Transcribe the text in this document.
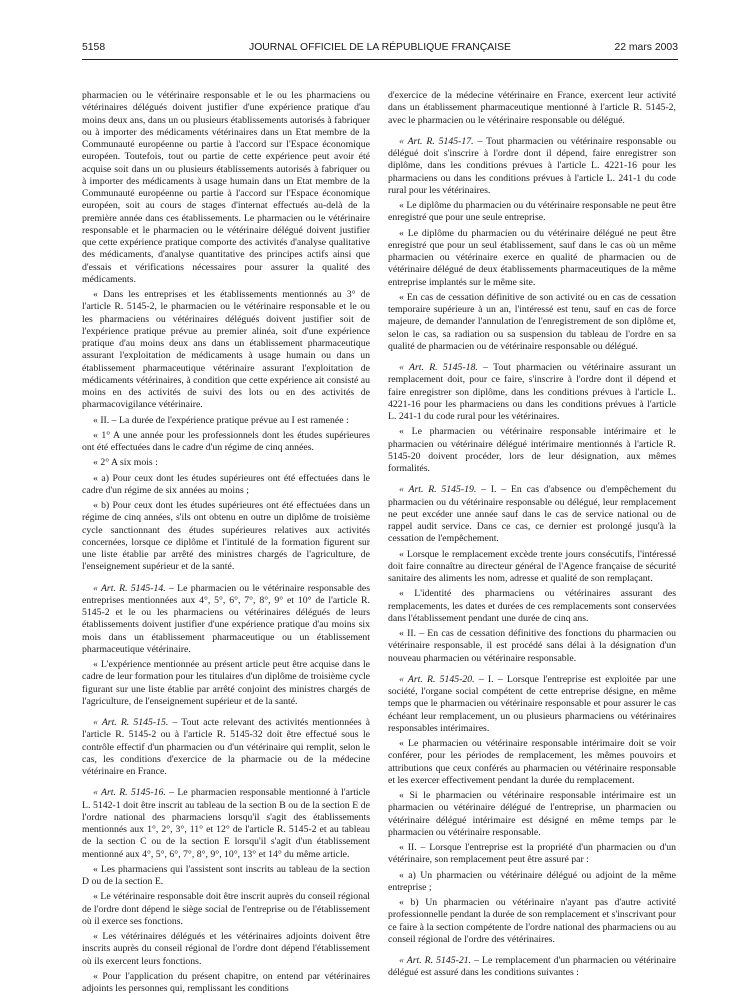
5158	JOURNAL OFFICIEL DE LA RÉPUBLIQUE FRANÇAISE	22 mars 2003

pharmacien ou le vétérinaire responsable et le ou les pharmaciens ou vétérinaires délégués doivent justifier d'une expérience pratique d'au moins deux ans, dans un ou plusieurs établissements autorisés à fabriquer ou à importer des médicaments vétérinaires dans un Etat membre de la Communauté européenne ou partie à l'accord sur l'Espace économique européen. Toutefois, tout ou partie de cette expérience peut avoir été acquise soit dans un ou plusieurs établissements autorisés à fabriquer ou à importer des médicaments à usage humain dans un Etat membre de la Communauté européenne ou partie à l'accord sur l'Espace économique européen, soit au cours de stages d'internat effectués au-delà de la première année dans ces établissements. Le pharmacien ou le vétérinaire responsable et le pharmacien ou le vétérinaire délégué doivent justifier que cette expérience pratique comporte des activités d'analyse qualitative des médicaments, d'analyse quantitative des principes actifs ainsi que d'essais et vérifications nécessaires pour assurer la qualité des médicaments.

« Dans les entreprises et les établissements mentionnés au 3° de l'article R. 5145-2, le pharmacien ou le vétérinaire responsable et le ou les pharmaciens ou vétérinaires délégués doivent justifier soit de l'expérience pratique prévue au premier alinéa, soit d'une expérience pratique d'au moins deux ans dans un établissement pharmaceutique assurant l'exploitation de médicaments à usage humain ou dans un établissement pharmaceutique vétérinaire assurant l'exploitation de médicaments vétérinaires, à condition que cette expérience ait consisté au moins en des activités de suivi des lots ou en des activités de pharmacovigilance vétérinaire.

« II. – La durée de l'expérience pratique prévue au I est ramenée :

« 1° A une année pour les professionnels dont les études supérieures ont été effectuées dans le cadre d'un régime de cinq années.

« 2° A six mois :

« a) Pour ceux dont les études supérieures ont été effectuées dans le cadre d'un régime de six années au moins ;

« b) Pour ceux dont les études supérieures ont été effectuées dans un régime de cinq années, s'ils ont obtenu en outre un diplôme de troisième cycle sanctionnant des études supérieures relatives aux activités concernées, lorsque ce diplôme et l'intitulé de la formation figurent sur une liste établie par arrêté des ministres chargés de l'agriculture, de l'enseignement supérieur et de la santé.

« Art. R. 5145-14. – Le pharmacien ou le vétérinaire responsable des entreprises mentionnées aux 4°, 5°, 6°, 7°, 8°, 9° et 10° de l'article R. 5145-2 et le ou les pharmaciens ou vétérinaires délégués de leurs établissements doivent justifier d'une expérience pratique d'au moins six mois dans un établissement pharmaceutique ou un établissement pharmaceutique vétérinaire.

« L'expérience mentionnée au présent article peut être acquise dans le cadre de leur formation pour les titulaires d'un diplôme de troisième cycle figurant sur une liste établie par arrêté conjoint des ministres chargés de l'agriculture, de l'enseignement supérieur et de la santé.

« Art. R. 5145-15. – Tout acte relevant des activités mentionnées à l'article R. 5145-2 ou à l'article R. 5145-32 doit être effectué sous le contrôle effectif d'un pharmacien ou d'un vétérinaire qui remplit, selon le cas, les conditions d'exercice de la pharmacie ou de la médecine vétérinaire en France.

« Art. R. 5145-16. – Le pharmacien responsable mentionné à l'article L. 5142-1 doit être inscrit au tableau de la section B ou de la section E de l'ordre national des pharmaciens lorsqu'il s'agit des établissements mentionnés aux 1°, 2°, 3°, 11° et 12° de l'article R. 5145-2 et au tableau de la section C ou de la section E lorsqu'il s'agit d'un établissement mentionné aux 4°, 5°, 6°, 7°, 8°, 9°, 10°, 13° et 14° du même article.

« Les pharmaciens qui l'assistent sont inscrits au tableau de la section D ou de la section E.

« Le vétérinaire responsable doit être inscrit auprès du conseil régional de l'ordre dont dépend le siège social de l'entreprise ou de l'établissement où il exerce ses fonctions.

« Les vétérinaires délégués et les vétérinaires adjoints doivent être inscrits auprès du conseil régional de l'ordre dont dépend l'établissement où ils exercent leurs fonctions.

« Pour l'application du présent chapitre, on entend par vétérinaires adjoints les personnes qui, remplissant les conditions

d'exercice de la médecine vétérinaire en France, exercent leur activité dans un établissement pharmaceutique mentionné à l'article R. 5145-2, avec le pharmacien ou le vétérinaire responsable ou délégué.

« Art. R. 5145-17. – Tout pharmacien ou vétérinaire responsable ou délégué doit s'inscrire à l'ordre dont il dépend, faire enregistrer son diplôme, dans les conditions prévues à l'article L. 4221-16 pour les pharmaciens ou dans les conditions prévues à l'article L. 241-1 du code rural pour les vétérinaires.

« Le diplôme du pharmacien ou du vétérinaire responsable ne peut être enregistré que pour une seule entreprise.

« Le diplôme du pharmacien ou du vétérinaire délégué ne peut être enregistré que pour un seul établissement, sauf dans le cas où un même pharmacien ou vétérinaire exerce en qualité de pharmacien ou de vétérinaire délégué de deux établissements pharmaceutiques de la même entreprise implantés sur le même site.

« En cas de cessation définitive de son activité ou en cas de cessation temporaire supérieure à un an, l'intéressé est tenu, sauf en cas de force majeure, de demander l'annulation de l'enregistrement de son diplôme et, selon le cas, sa radiation ou sa suspension du tableau de l'ordre en sa qualité de pharmacien ou de vétérinaire responsable ou délégué.

« Art. R. 5145-18. – Tout pharmacien ou vétérinaire assurant un remplacement doit, pour ce faire, s'inscrire à l'ordre dont il dépend et faire enregistrer son diplôme, dans les conditions prévues à l'article L. 4221-16 pour les pharmaciens ou dans les conditions prévues à l'article L. 241-1 du code rural pour les vétérinaires.

« Le pharmacien ou vétérinaire responsable intérimaire et le pharmacien ou vétérinaire délégué intérimaire mentionnés à l'article R. 5145-20 doivent procéder, lors de leur désignation, aux mêmes formalités.

« Art. R. 5145-19. – I. – En cas d'absence ou d'empêchement du pharmacien ou du vétérinaire responsable ou délégué, leur remplacement ne peut excéder une année sauf dans le cas de service national ou de rappel audit service. Dans ce cas, ce dernier est prolongé jusqu'à la cessation de l'empêchement.

« Lorsque le remplacement excède trente jours consécutifs, l'intéressé doit faire connaître au directeur général de l'Agence française de sécurité sanitaire des aliments les nom, adresse et qualité de son remplaçant.

« L'identité des pharmaciens ou vétérinaires assurant des remplacements, les dates et durées de ces remplacements sont conservées dans l'établissement pendant une durée de cinq ans.

« II. – En cas de cessation définitive des fonctions du pharmacien ou vétérinaire responsable, il est procédé sans délai à la désignation d'un nouveau pharmacien ou vétérinaire responsable.

« Art. R. 5145-20. – I. – Lorsque l'entreprise est exploitée par une société, l'organe social compétent de cette entreprise désigne, en même temps que le pharmacien ou vétérinaire responsable et pour assurer le cas échéant leur remplacement, un ou plusieurs pharmaciens ou vétérinaires responsables intérimaires.

« Le pharmacien ou vétérinaire responsable intérimaire doit se voir conférer, pour les périodes de remplacement, les mêmes pouvoirs et attributions que ceux conférés au pharmacien ou vétérinaire responsable et les exercer effectivement pendant la durée du remplacement.

« Si le pharmacien ou vétérinaire responsable intérimaire est un pharmacien ou vétérinaire délégué de l'entreprise, un pharmacien ou vétérinaire délégué intérimaire est désigné en même temps par le pharmacien ou vétérinaire responsable.

« II. – Lorsque l'entreprise est la propriété d'un pharmacien ou d'un vétérinaire, son remplacement peut être assuré par :

« a) Un pharmacien ou vétérinaire délégué ou adjoint de la même entreprise ;

« b) Un pharmacien ou vétérinaire n'ayant pas d'autre activité professionnelle pendant la durée de son remplacement et s'inscrivant pour ce faire à la section compétente de l'ordre national des pharmaciens ou au conseil régional de l'ordre des vétérinaires.

« Art. R. 5145-21. – Le remplacement d'un pharmacien ou vétérinaire délégué est assuré dans les conditions suivantes :
